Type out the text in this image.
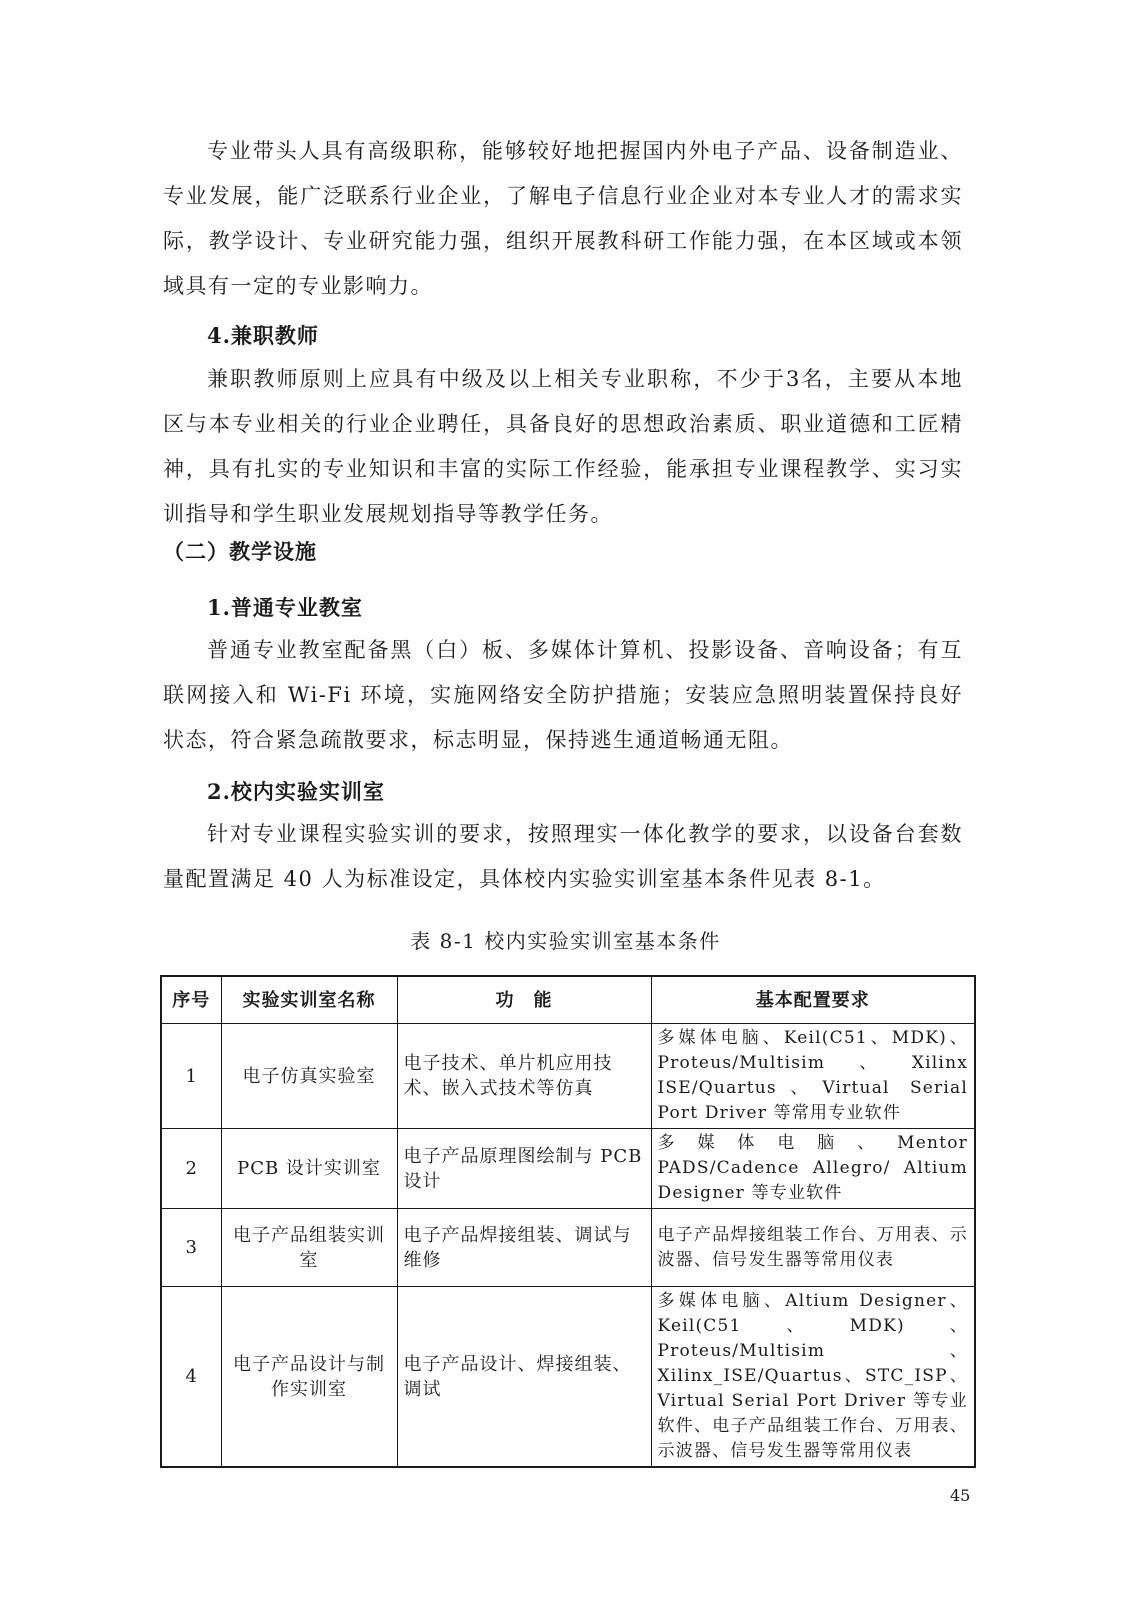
专业带头人具有高级职称，能够较好地把握国内外电子产品、设备制造业、专业发展，能广泛联系行业企业，了解电子信息行业企业对本专业人才的需求实际，教学设计、专业研究能力强，组织开展教科研工作能力强，在本区域或本领域具有一定的专业影响力。

4.兼职教师

兼职教师原则上应具有中级及以上相关专业职称，不少于3名，主要从本地区与本专业相关的行业企业聘任，具备良好的思想政治素质、职业道德和工匠精神，具有扎实的专业知识和丰富的实际工作经验，能承担专业课程教学、实习实训指导和学生职业发展规划指导等教学任务。

（二）教学设施
1.普通专业教室

普通专业教室配备黑（白）板、多媒体计算机、投影设备、音响设备；有互联网接入和 Wi-Fi 环境，实施网络安全防护措施；安装应急照明装置保持良好状态，符合紧急疏散要求，标志明显，保持逃生通道畅通无阻。

2.校内实验实训室

针对专业课程实验实训的要求，按照理实一体化教学的要求，以设备台套数量配置满足 40 人为标准设定，具体校内实验实训室基本条件见表 8-1。

表 8-1 校内实验实训室基本条件
序号	实验实训室名称	功　能	基本配置要求
1	电子仿真实验室	电子技术、单片机应用技术、嵌入式技术等仿真	多媒体电脑、Keil(C51、MDK)、Proteus/Multisim、Xilinx ISE/Quartus、Virtual Serial Port Driver 等常用专业软件
2	PCB 设计实训室	电子产品原理图绘制与 PCB 设计	多媒体电脑、Mentor PADS/Cadence Allegro/ Altium Designer 等专业软件
3	电子产品组装实训室	电子产品焊接组装、调试与维修	电子产品焊接组装工作台、万用表、示波器、信号发生器等常用仪表
4	电子产品设计与制作实训室	电子产品设计、焊接组装、调试	多媒体电脑、Altium Designer、Keil(C51、MDK)、Proteus/Multisim、Xilinx_ISE/Quartus、STC_ISP、Virtual Serial Port Driver 等专业软件、电子产品组装工作台、万用表、示波器、信号发生器等常用仪表
45
